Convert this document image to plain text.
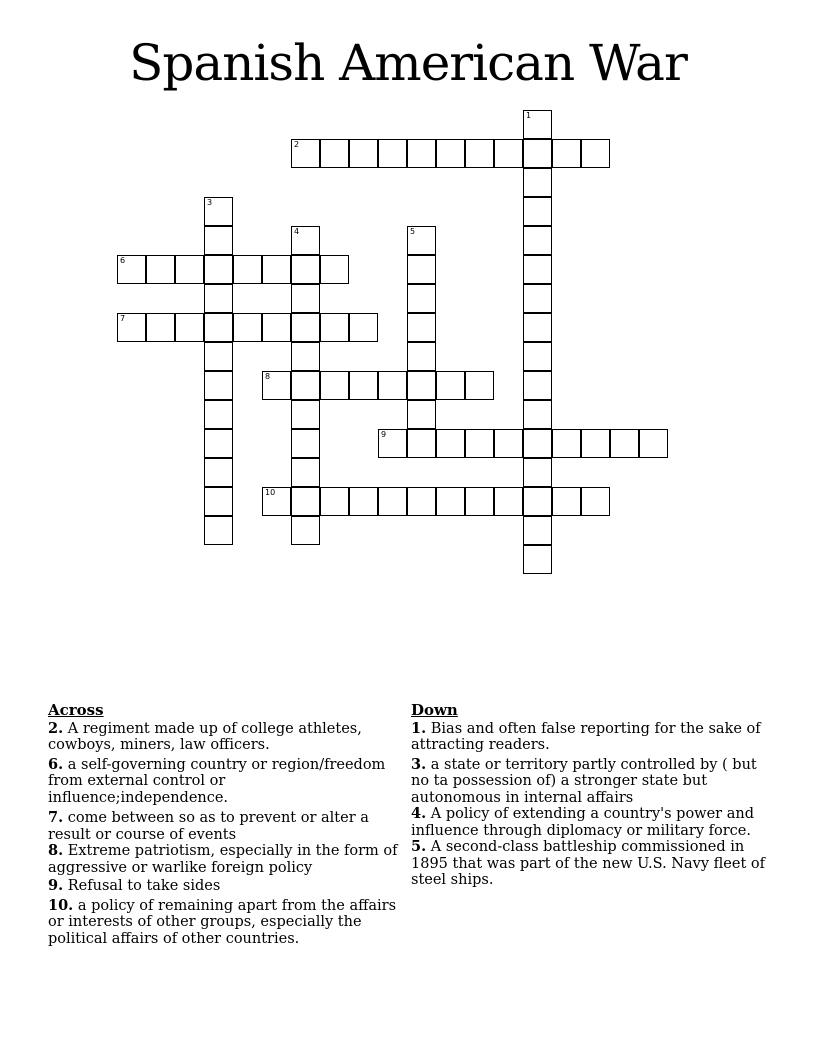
Spanish American War
1
2
3
4	5
6
7
8
9
10
Across
2. A regiment made up of college athletes, cowboys, miners, law officers.
6. a self-governing country or region/freedom from external control or influence;independence.
7. come between so as to prevent or alter a result or course of events
8. Extreme patriotism, especially in the form of aggressive or warlike foreign policy
9. Refusal to take sides
10. a policy of remaining apart from the affairs or interests of other groups, especially the political affairs of other countries.
Down
1. Bias and often false reporting for the sake of attracting readers.
3. a state or territory partly controlled by ( but no ta possession of) a stronger state but autonomous in internal affairs
4. A policy of extending a country's power and influence through diplomacy or military force.
5. A second-class battleship commissioned in 1895 that was part of the new U.S. Navy fleet of steel ships.
